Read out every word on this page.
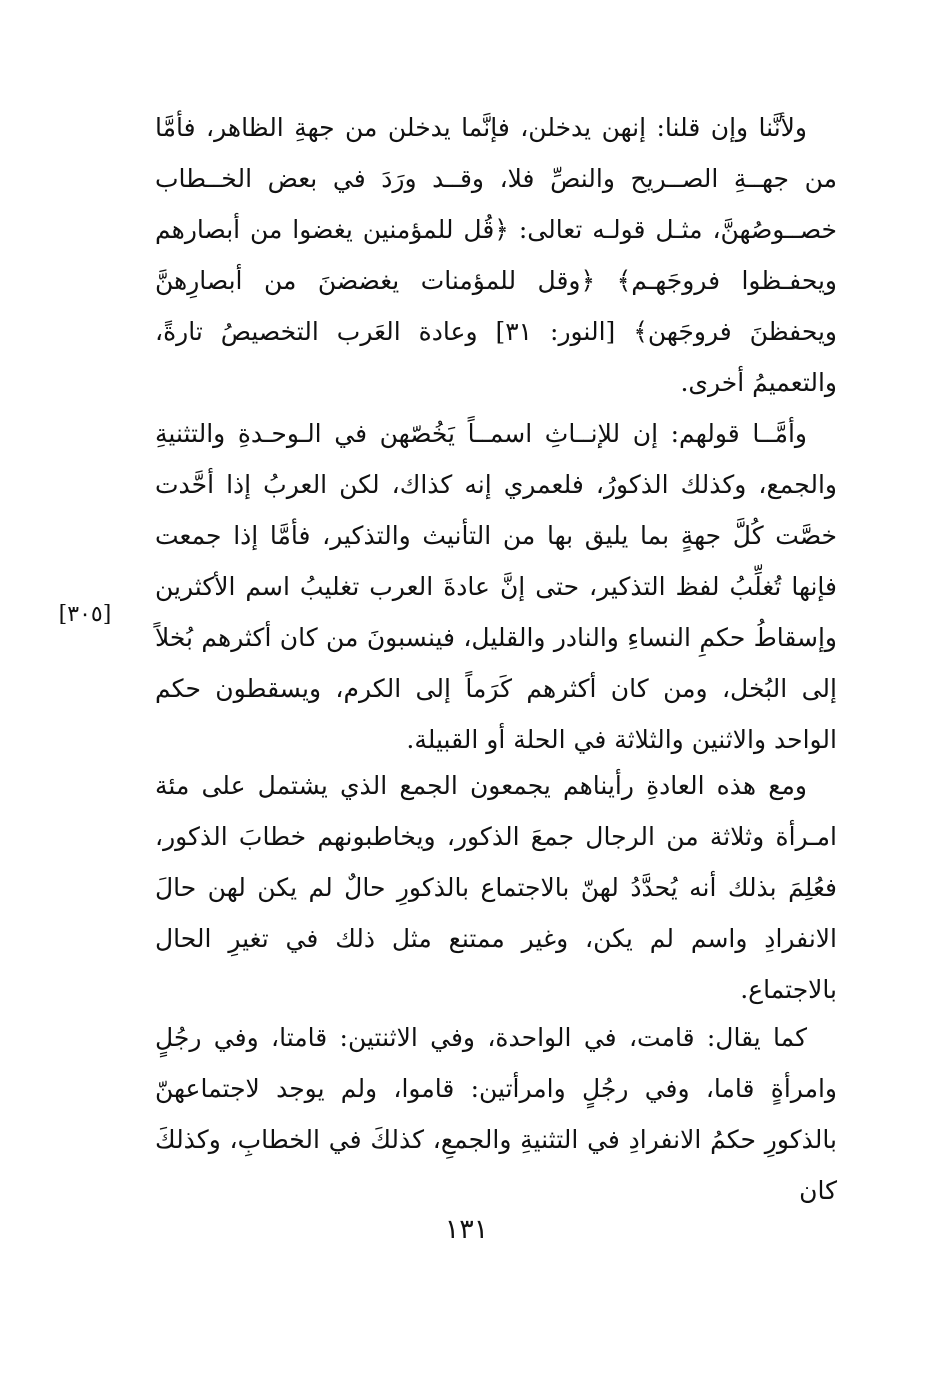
ولأنَّنا وإن قلنا: إنهن يدخلن، فإنَّما يدخلن من جهةِ الظاهر، فأمَّا من جهــةِ الصــريح والنصِّ فلا، وقــد ورَدَ في بعض الخــطاب خصــوصُهنَّ، مثـل قولـه تعالى: ﴿قُل للمؤمنين يغضوا من أبصارهم ويحفـظوا فروجَهـم﴾ ﴿وقل للمؤمنات يغضضنَ من أبصارِهنَّ ويحفظنَ فروجَهن﴾ [النور: ٣١] وعادة العَرب التخصيصُ تارةً، والتعميمُ أخرى.

وأمَّــا قولهم: إن للإنــاثِ اسمــاً يَخُصّهن في الـوحـدةِ والتثنيةِ والجمع، وكذلك الذكورُ، فلعمري إنه كذاك، لكن العربُ إذا أحَّدت خصَّت كُلَّ جهةٍ بما يليق بها من التأنيث والتذكير، فأمَّا إذا جمعت فإنها تُغلِّبُ لفظ التذكير، حتى إنَّ عادةَ العرب تغليبُ اسم الأكثرين وإسقاطُ حكمِ النساءِ والنادر والقليل، فينسبونَ من كان أكثرهم بُخلاً إلى البُخل، ومن كان أكثرهم كَرَماً إلى الكرم، ويسقطون حكم الواحد والاثنين والثلاثة في الحلة أو القبيلة.

[٣٠٥]

ومع هذه العادةِ رأيناهم يجمعون الجمع الذي يشتمل على مئة امـرأة وثلاثة من الرجال جمعَ الذكور، ويخاطبونهم خطابَ الذكور، فعُلِمَ بذلك أنه يُحدَّدُ لهنّ بالاجتماع بالذكورِ حالٌ لم يكن لهن حالَ الانفرادِ واسم لم يكن، وغير ممتنع مثل ذلك في تغيرِ الحال بالاجتماع.

كما يقال: قامت، في الواحدة، وفي الاثنتين: قامتا، وفي رجُلٍ وامرأةٍ قاما، وفي رجُلٍ وامرأتين: قاموا، ولم يوجد لاجتماعهنّ بالذكورِ حكمُ الانفرادِ في التثنيةِ والجمعِ، كذلكَ في الخطابِ، وكذلكَ كان

١٣١
